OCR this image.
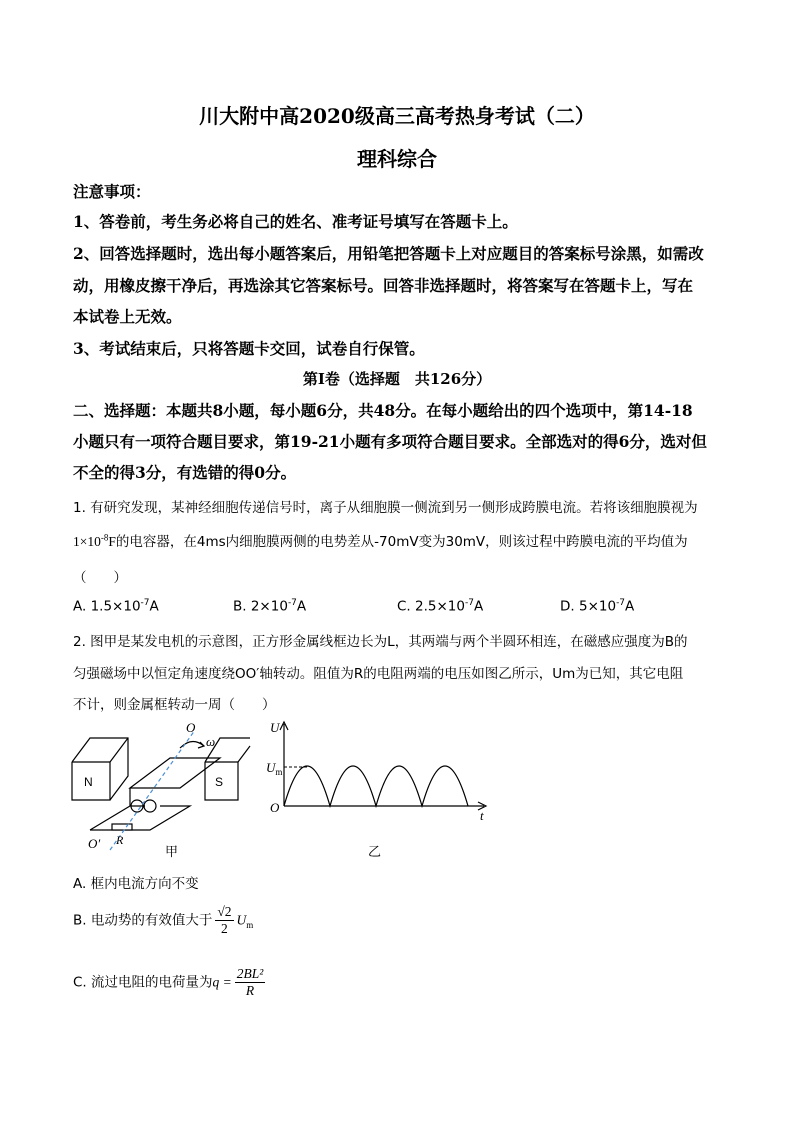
川大附中高2020级高三高考热身考试（二）
理科综合
注意事项：
1、答卷前，考生务必将自己的姓名、准考证号填写在答题卡上。
2、回答选择题时，选出每小题答案后，用铅笔把答题卡上对应题目的答案标号涂黑，如需改
动，用橡皮擦干净后，再选涂其它答案标号。回答非选择题时，将答案写在答题卡上，写在
本试卷上无效。
3、考试结束后，只将答题卡交回，试卷自行保管。
第Ⅰ卷（选择题　共126分）
二、选择题：本题共8小题，每小题6分，共48分。在每小题给出的四个选项中，第14-18
小题只有一项符合题目要求，第19-21小题有多项符合题目要求。全部选对的得6分，选对但
不全的得3分，有选错的得0分。
1. 有研究发现，某神经细胞传递信号时，离子从细胞膜一侧流到另一侧形成跨膜电流。若将该细胞膜视为
$1\times 10^{-8}F$的电容器，在4ms内细胞膜两侧的电势差从-70mV变为30mV，则该过程中跨膜电流的平均值为
（　　）
A. $1.5\times 10^{-7}A$	B. $2\times 10^{-7}A$	C. $2.5\times 10^{-7}A$	D. $5\times 10^{-7}A$
2. 图甲是某发电机的示意图，正方形金属线框边长为L，其两端与两个半圆环相连，在磁感应强度为B的
匀强磁场中以恒定角速度绕OO′轴转动。阻值为R的电阻两端的电压如图乙所示，Um为已知，其它电阻
不计，则金属框转动一周（　　）
N	S
O
ω
R
O′
甲
U
$U_m$
O
t
乙
A. 框内电流方向不变
B. 电动势的有效值大于 $\frac{√2}{2} U_m$
C. 流过电阻的电荷量为$q = \frac{\text{2BL²}}{R}$
